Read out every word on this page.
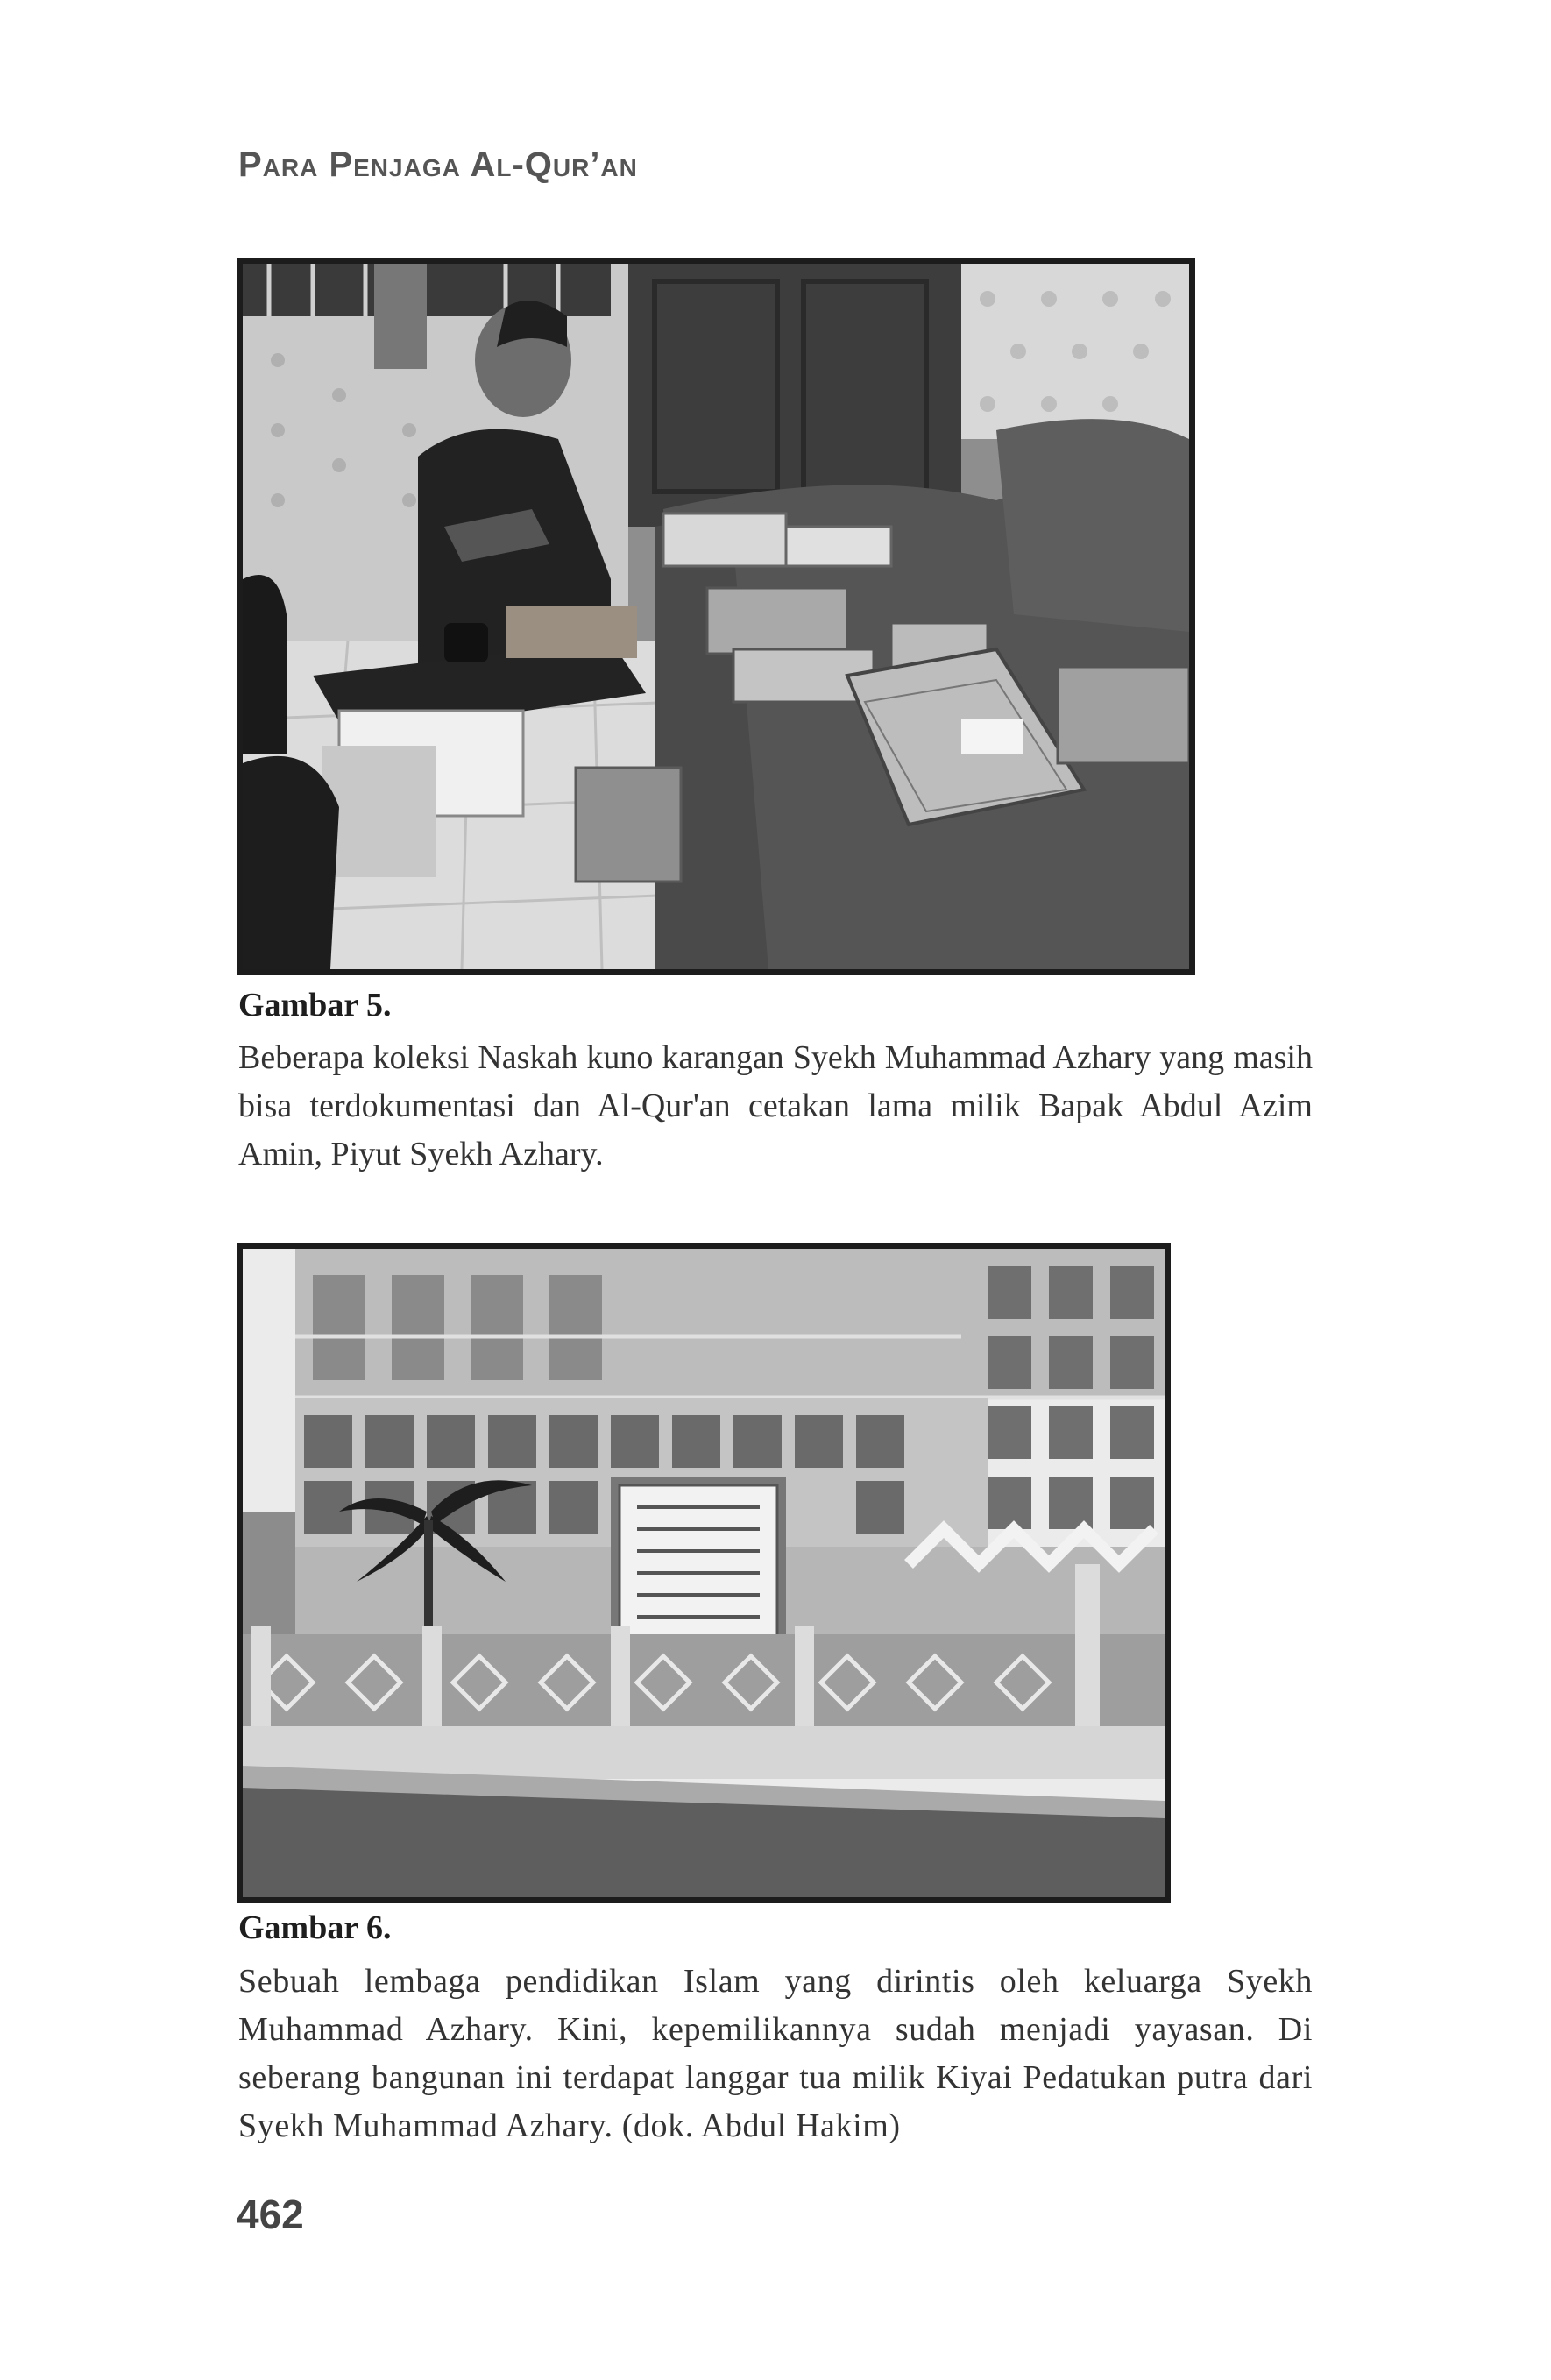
Para Penjaga Al-Qur’an
Gambar 5.
Beberapa koleksi Naskah kuno karangan Syekh Muhammad Azhary yang masih bisa terdokumentasi dan Al-Qur'an cetakan lama milik Bapak Abdul Azim Amin, Piyut Syekh Azhary.
Gambar 6.
Sebuah lembaga pendidikan Islam yang dirintis oleh keluarga Syekh Muhammad Azhary. Kini, kepemilikannya sudah menjadi yayasan. Di seberang bangunan ini terdapat langgar tua milik Kiyai Pedatukan putra dari Syekh Muhammad Azhary. (dok. Abdul Hakim)
462
